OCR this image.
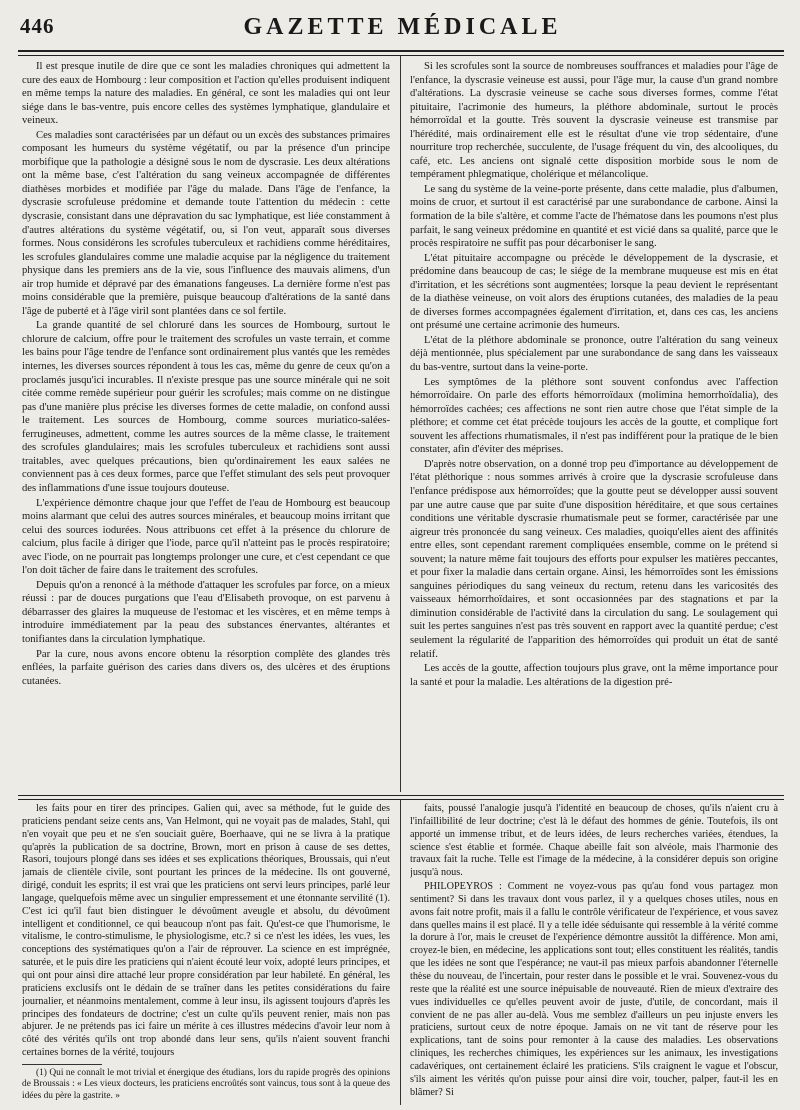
446	GAZETTE MÉDICALE

Il est presque inutile de dire que ce sont les maladies chroniques qui admettent la cure des eaux de Hombourg : leur composition et l'action qu'elles produisent indiquent en même temps la nature des maladies. En général, ce sont les maladies qui ont leur siége dans le bas-ventre, puis encore celles des systèmes lymphatique, glandulaire et veineux.

Ces maladies sont caractérisées par un défaut ou un excès des substances primaires composant les humeurs du système végétatif, ou par la présence d'un principe morbifique que la pathologie a désigné sous le nom de dyscrasie. Les deux altérations ont la même base, c'est l'altération du sang veineux accompagnée de différentes diathèses morbides et modifiée par l'âge du malade. Dans l'âge de l'enfance, la dyscrasie scrofuleuse prédomine et demande toute l'attention du médecin : cette dyscrasie, consistant dans une dépravation du sac lymphatique, est liée constamment à d'autres altérations du système végétatif, ou, si l'on veut, apparaît sous diverses formes. Nous considérons les scrofules tuberculeux et rachidiens comme héréditaires, les scrofules glandulaires comme une maladie acquise par la négligence du traitement physique dans les premiers ans de la vie, sous l'influence des mauvais alimens, d'un air trop humide et dépravé par des émanations fangeuses. La dernière forme n'est pas moins considérable que la première, puisque beaucoup d'altérations de la santé dans l'âge de puberté et à l'âge viril sont plantées dans ce sol fertile.

La grande quantité de sel chloruré dans les sources de Hombourg, surtout le chlorure de calcium, offre pour le traitement des scrofules un vaste terrain, et comme les bains pour l'âge tendre de l'enfance sont ordinairement plus vantés que les remèdes internes, les diverses sources répondent à tous les cas, même du genre de ceux qu'on a proclamés jusqu'ici incurables. Il n'existe presque pas une source minérale qui ne soit citée comme remède supérieur pour guérir les scrofules; mais comme on ne distingue pas d'une manière plus précise les diverses formes de cette maladie, on confond aussi le traitement. Les sources de Hombourg, comme sources muriatico-salées-ferrugineuses, admettent, comme les autres sources de la même classe, le traitement des scrofules glandulaires; mais les scrofules tuberculeux et rachidiens sont aussi traitables, avec quelques précautions, bien qu'ordinairement les eaux salées ne conviennent pas à ces deux formes, parce que l'effet stimulant des sels peut provoquer des inflammations d'une issue toujours douteuse.

L'expérience démontre chaque jour que l'effet de l'eau de Hombourg est beaucoup moins alarmant que celui des autres sources minérales, et beaucoup moins irritant que celui des sources iodurées. Nous attribuons cet effet à la présence du chlorure de calcium, plus facile à diriger que l'iode, parce qu'il n'atteint pas le procès respiratoire; avec l'iode, on ne pourrait pas longtemps prolonger une cure, et c'est cependant ce que l'on doit tâcher de faire dans le traitement des scrofules.

Depuis qu'on a renoncé à la méthode d'attaquer les scrofules par force, on a mieux réussi : par de douces purgations que l'eau d'Elisabeth provoque, on est parvenu à débarrasser des glaires la muqueuse de l'estomac et les viscères, et en même temps à introduire immédiatement par la peau des substances énervantes, altérantes et tonifiantes dans la circulation lymphatique.

Par la cure, nous avons encore obtenu la résorption complète des glandes très enflées, la parfaite guérison des caries dans divers os, des ulcères et des éruptions cutanées.

Si les scrofules sont la source de nombreuses souffrances et maladies pour l'âge de l'enfance, la dyscrasie veineuse est aussi, pour l'âge mur, la cause d'un grand nombre d'altérations. La dyscrasie veineuse se cache sous diverses formes, comme l'état pituitaire, l'acrimonie des humeurs, la pléthore abdominale, surtout le procès hémorroïdal et la goutte. Très souvent la dyscrasie veineuse est transmise par l'hérédité, mais ordinairement elle est le résultat d'une vie trop sédentaire, d'une nourriture trop recherchée, succulente, de l'usage fréquent du vin, des alcooliques, du café, etc. Les anciens ont signalé cette disposition morbide sous le nom de tempérament phlegmatique, cholérique et mélancolique.

Le sang du système de la veine-porte présente, dans cette maladie, plus d'albumen, moins de cruor, et surtout il est caractérisé par une surabondance de carbone. Ainsi la formation de la bile s'altère, et comme l'acte de l'hématose dans les poumons n'est plus parfait, le sang veineux prédomine en quantité et est vicié dans sa qualité, parce que le procès respiratoire ne suffit pas pour décarboniser le sang.

L'état pituitaire accompagne ou précède le développement de la dyscrasie, et prédomine dans beaucoup de cas; le siége de la membrane muqueuse est mis en état d'irritation, et les sécrétions sont augmentées; lorsque la peau devient le représentant de la diathèse veineuse, on voit alors des éruptions cutanées, des maladies de la peau de diverses formes accompagnées également d'irritation, et, dans ces cas, les anciens ont présumé une certaine acrimonie des humeurs.

L'état de la pléthore abdominale se prononce, outre l'altération du sang veineux déjà mentionnée, plus spécialement par une surabondance de sang dans les vaisseaux du bas-ventre, surtout dans la veine-porte.

Les symptômes de la pléthore sont souvent confondus avec l'affection hémorroïdaire. On parle des efforts hémorroïdaux (molimina hemorrhoïdalia), des hémorroïdes cachées; ces affections ne sont rien autre chose que l'état simple de la pléthore; et comme cet état précède toujours les accès de la goutte, et complique fort souvent les affections rhumatismales, il n'est pas indifférent pour la pratique de le bien constater, afin d'éviter des méprises.

D'après notre observation, on a donné trop peu d'importance au développement de l'état pléthorique : nous sommes arrivés à croire que la dyscrasie scrofuleuse dans l'enfance prédispose aux hémorroïdes; que la goutte peut se développer aussi souvent par une autre cause que par suite d'une disposition héréditaire, et que sous certaines conditions une véritable dyscrasie rhumatismale peut se former, caractérisée par une aigreur très prononcée du sang veineux. Ces maladies, quoiqu'elles aient des affinités entre elles, sont cependant rarement compliquées ensemble, comme on le prétend si souvent; la nature même fait toujours des efforts pour expulser les matières peccantes, et pour fixer la maladie dans certain organe. Ainsi, les hémorroïdes sont les émissions sanguines périodiques du sang veineux du rectum, retenu dans les varicosités des vaisseaux hémorrhoïdaires, et sont occasionnées par des stagnations et par la diminution considérable de l'activité dans la circulation du sang. Le soulagement qui suit les pertes sanguines n'est pas très souvent en rapport avec la quantité perdue; c'est seulement la régularité de l'apparition des hémorroïdes qui produit un état de santé relatif.

Les accès de la goutte, affection toujours plus grave, ont la même importance pour la santé et pour la maladie. Les altérations de la digestion pré-

les faits pour en tirer des principes. Galien qui, avec sa méthode, fut le guide des praticiens pendant seize cents ans, Van Helmont, qui ne voyait pas de malades, Stahl, qui n'en voyait que peu et ne s'en souciait guère, Boerhaave, qui ne se livra à la pratique qu'après la publication de sa doctrine, Brown, mort en prison à cause de ses dettes, Rasori, toujours plongé dans ses idées et ses explications théoriques, Broussais, qui n'eut jamais de clientèle civile, sont pourtant les princes de la médecine. Ils ont gouverné, dirigé, conduit les esprits; il est vrai que les praticiens ont servi leurs principes, parlé leur langage, quelquefois même avec un singulier empressement et une étonnante servilité (1). C'est ici qu'il faut bien distinguer le dévoûment aveugle et absolu, du dévoûment intelligent et conditionnel, ce qui beaucoup n'ont pas fait. Qu'est-ce que l'humorisme, le vitalisme, le contro-stimulisme, le physiologisme, etc.? si ce n'est les idées, les vues, les conceptions des systématiques qu'on a l'air de réprouver. La science en est imprégnée, saturée, et le puis dire les praticiens qui n'aient écouté leur voix, adopté leurs principes, et qui ont pour ainsi dire attaché leur propre considération par leur habileté. En général, les praticiens exclusifs ont le dédain de se traîner dans les petites considérations du faire journalier, et néanmoins mentalement, comme à leur insu, ils agissent toujours d'après les principes des fondateurs de doctrine; c'est un culte qu'ils peuvent renier, mais non pas abjurer. Je ne prétends pas ici faire un mérite à ces illustres médecins d'avoir leur nom à côté des vérités qu'ils ont trop abondé dans leur sens, qu'ils n'aient souvent franchi certaines bornes de la vérité, toujours

(1) Qui ne connaît le mot trivial et énergique des étudians, lors du rapide progrès des opinions de Broussais : « Les vieux docteurs, les praticiens encroûtés sont vaincus, tous sont à la queue des idées du père la gastrite. »

faits, poussé l'analogie jusqu'à l'identité en beaucoup de choses, qu'ils n'aient cru à l'infaillibilité de leur doctrine; c'est là le défaut des hommes de génie. Toutefois, ils ont apporté un immense tribut, et de leurs idées, de leurs recherches variées, étendues, la science s'est établie et formée. Chaque abeille fait son alvéole, mais l'harmonie des travaux fait la ruche. Telle est l'image de la médecine, à la considérer depuis son origine jusqu'à nous.

PHILOPEYROS : Comment ne voyez-vous pas qu'au fond vous partagez mon sentiment? Si dans les travaux dont vous parlez, il y a quelques choses utiles, nous en avons fait notre profit, mais il a fallu le contrôle vérificateur de l'expérience, et vous savez dans quelles mains il est placé. Il y a telle idée séduisante qui ressemble à la vérité comme la dorure à l'or, mais le creuset de l'expérience démontre aussitôt la différence. Mon ami, croyez-le bien, en médecine, les applications sont tout; elles constituent les réalités, tandis que les idées ne sont que l'espérance; ne vaut-il pas mieux parfois abandonner l'éternelle thèse du nouveau, de l'incertain, pour rester dans le possible et le vrai. Souvenez-vous du reste que la réalité est une source inépuisable de nouveauté. Rien de mieux d'extraire des vues individuelles ce qu'elles peuvent avoir de juste, d'utile, de concordant, mais il convient de ne pas aller au-delà. Vous me semblez d'ailleurs un peu injuste envers les praticiens, surtout ceux de notre époque. Jamais on ne vit tant de réserve pour les explications, tant de soins pour remonter à la cause des maladies. Les observations cliniques, les recherches chimiques, les expériences sur les animaux, les investigations cadavériques, ont certainement éclairé les praticiens. S'ils craignent le vague et l'obscur, s'ils aiment les vérités qu'on puisse pour ainsi dire voir, toucher, palper, faut-il les en blâmer? Si
